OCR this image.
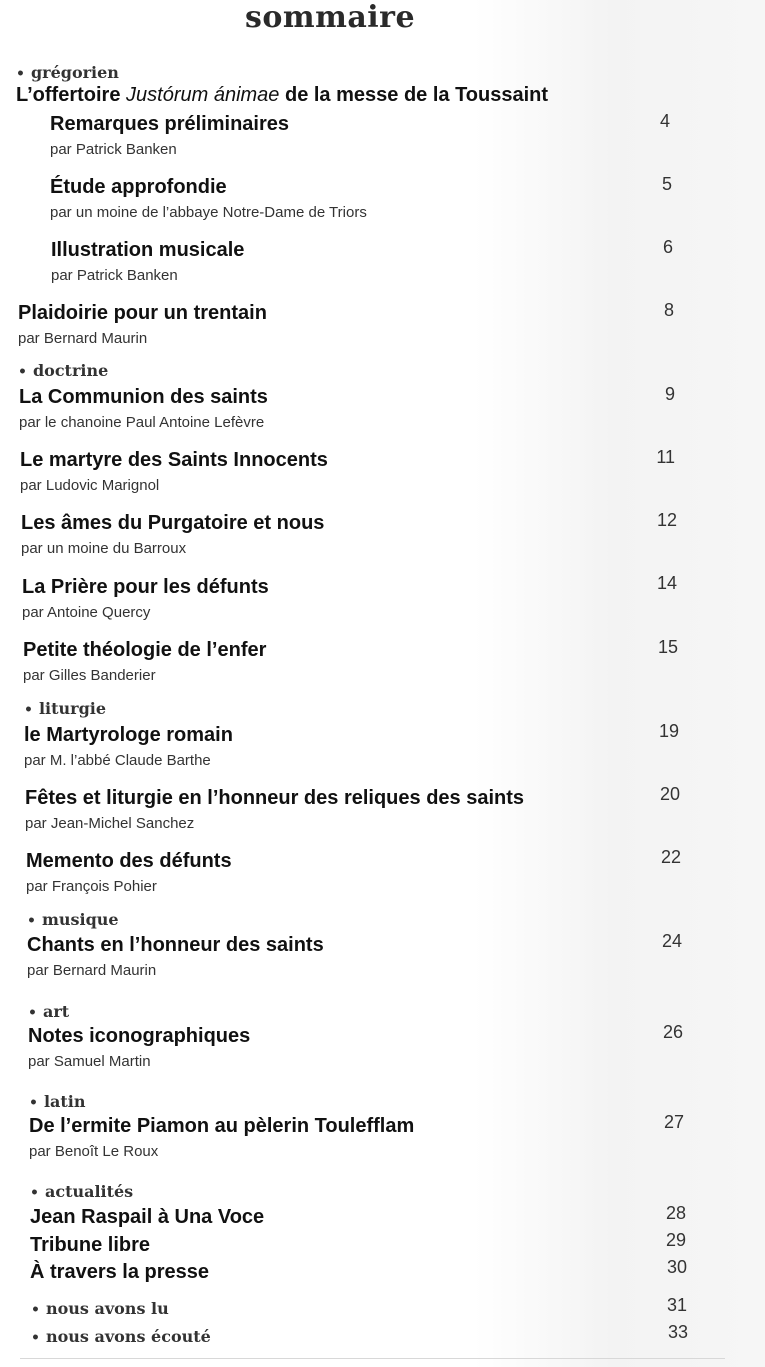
sommaire
• grégorien
L’offertoire Justórum ánimae de la messe de la Toussaint
Remarques préliminaires
par Patrick Banken
4
Étude approfondie
par un moine de l’abbaye Notre-Dame de Triors
5
Illustration musicale
par Patrick Banken
6
Plaidoirie pour un trentain
par Bernard Maurin
8
• doctrine
La Communion des saints
par le chanoine Paul Antoine Lefèvre
9
Le martyre des Saints Innocents
par Ludovic Marignol
11
Les âmes du Purgatoire et nous
par un moine du Barroux
12
La Prière pour les défunts
par Antoine Quercy
14
Petite théologie de l’enfer
par Gilles Banderier
15
• liturgie
le Martyrologe romain
par M. l’abbé Claude Barthe
19
Fêtes et liturgie en l’honneur des reliques des saints
par Jean-Michel Sanchez
20
Memento des défunts
par François Pohier
22
• musique
Chants en l’honneur des saints
par Bernard Maurin
24
• art
Notes iconographiques
par Samuel Martin
26
• latin
De l’ermite Piamon au pèlerin Toulefflam
par Benoît Le Roux
27
• actualités
Jean Raspail à Una Voce	28
Tribune libre	29
À travers la presse	30
• nous avons lu	31
• nous avons écouté	33
